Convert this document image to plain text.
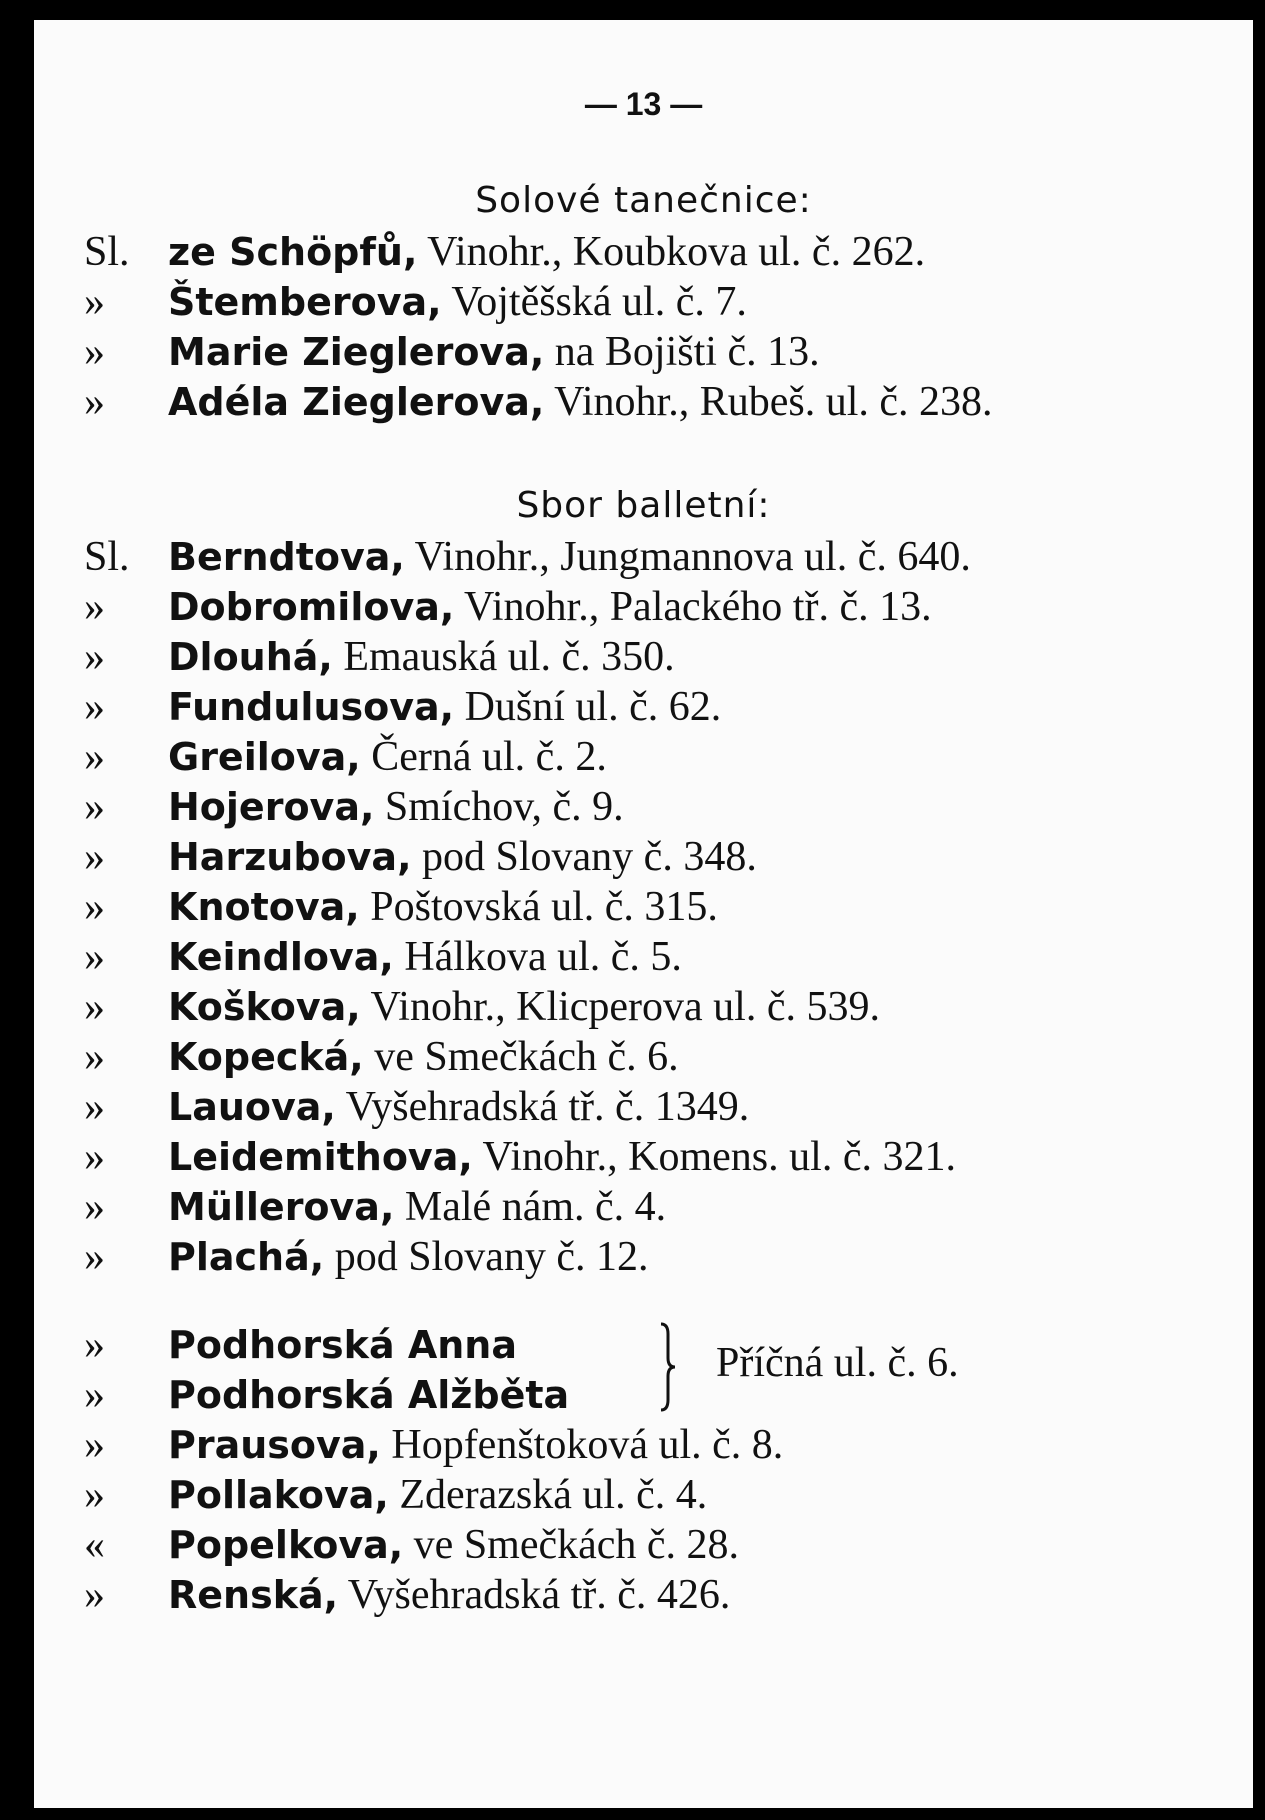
— 13 —

Solové tanečnice:

Sl. ze Schöpfů, Vinohr., Koubkova ul. č. 262.
» Štemberova, Vojtěšská ul. č. 7.
» Marie Zieglerova, na Bojišti č. 13.
» Adéla Zieglerova, Vinohr., Rubeš. ul. č. 238.

Sbor balletní:

Sl. Berndtova, Vinohr., Jungmannova ul. č. 640.
» Dobromilova, Vinohr., Palackého tř. č. 13.
» Dlouhá, Emauská ul. č. 350.
» Fundulusova, Dušní ul. č. 62.
» Greilova, Černá ul. č. 2.
» Hojerova, Smíchov, č. 9.
» Harzubova, pod Slovany č. 348.
» Knotova, Poštovská ul. č. 315.
» Keindlova, Hálkova ul. č. 5.
» Koškova, Vinohr., Klicperova ul. č. 539.
» Kopecká, ve Smečkách č. 6.
» Lauova, Vyšehradská tř. č. 1349.
» Leidemithova, Vinohr., Komens. ul. č. 321.
» Müllerova, Malé nám. č. 4.
» Plachá, pod Slovany č. 12.
» Podhorská Anna
» Podhorská Alžběta
Příčná ul. č. 6.
» Prausova, Hopfenštoková ul. č. 8.
» Pollakova, Zderazská ul. č. 4.
« Popelkova, ve Smečkách č. 28.
» Renská, Vyšehradská tř. č. 426.
